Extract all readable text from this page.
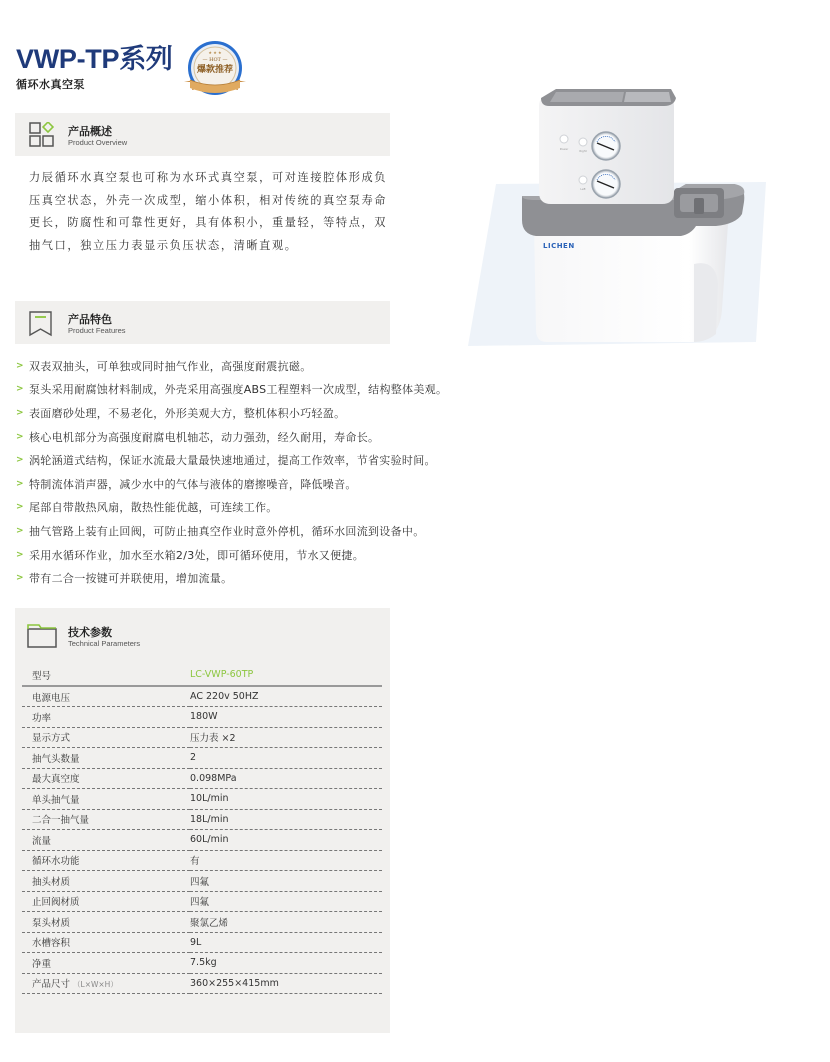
VWP-TP系列
循环水真空泵
★ ★ ★
— HOT —
爆款推荐
产品概述
Product Overview
力辰循环水真空泵也可称为水环式真空泵，可对连接腔体形成负压真空状态，外壳一次成型，缩小体积，相对传统的真空泵寿命更长，防腐性和可靠性更好，具有体积小，重量轻，等特点，双抽气口，独立压力表显示负压状态，清晰直观。
产品特色
Product Features
> 双表双抽头，可单独或同时抽气作业，高强度耐震抗磁。
> 泵头采用耐腐蚀材料制成，外壳采用高强度ABS工程塑料一次成型，结构整体美观。
> 表面磨砂处理，不易老化，外形美观大方，整机体积小巧轻盈。
> 核心电机部分为高强度耐腐电机轴芯，动力强劲，经久耐用，寿命长。
> 涡轮涵道式结构，保证水流最大量最快速地通过，提高工作效率，节省实验时间。
> 特制流体消声器，减少水中的气体与液体的磨擦噪音，降低噪音。
> 尾部自带散热风扇，散热性能优越，可连续工作。
> 抽气管路上装有止回阀，可防止抽真空作业时意外停机，循环水回流到设备中。
> 采用水循环作业，加水至水箱2/3处，即可循环使用，节水又便捷。
> 带有二合一按键可并联使用，增加流量。
技术参数
Technical Parameters
型号	LC-VWP-60TP
电源电压	AC 220v 50HZ
功率	180W
显示方式	压力表 ×2
抽气头数量	2
最大真空度	0.098MPa
单头抽气量	10L/min
二合一抽气量	18L/min
流量	60L/min
循环水功能	有
抽头材质	四氟
止回阀材质	四氟
泵头材质	聚氯乙烯
水槽容积	9L
净重	7.5kg
产品尺寸 （L×W×H）	360×255×415mm
LICHEN
Power	Right
Left
